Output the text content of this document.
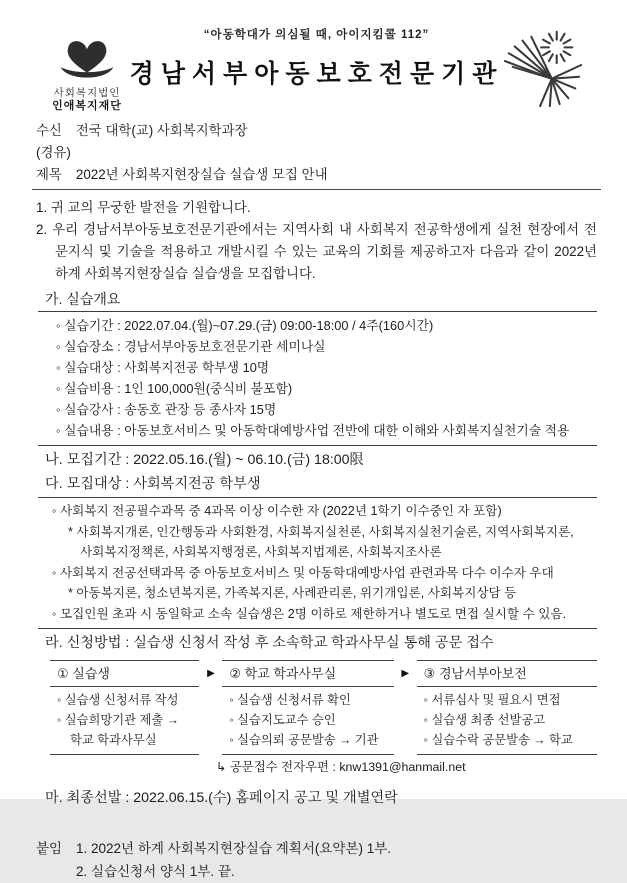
“아동학대가 의심될 때, 아이지킴콜 112”
경남서부아동보호전문기관
사회복지법인
인애복지재단
수신 전국 대학(교) 사회복지학과장
(경유)
제목 2022년 사회복지현장실습 실습생 모집 안내
1. 귀 교의 무궁한 발전을 기원합니다.
2. 우리 경남서부아동보호전문기관에서는 지역사회 내 사회복지 전공학생에게 실천 현장에서 전문지식 및 기술을 적용하고 개발시킬 수 있는 교육의 기회를 제공하고자 다음과 같이 2022년 하계 사회복지현장실습 실습생을 모집합니다.
가. 실습개요
◦ 실습기간 : 2022.07.04.(월)~07.29.(금) 09:00-18:00 / 4주(160시간)
◦ 실습장소 : 경남서부아동보호전문기관 세미나실
◦ 실습대상 : 사회복지전공 학부생 10명
◦ 실습비용 : 1인 100,000원(중식비 불포함)
◦ 실습강사 : 송동호 관장 등 종사자 15명
◦ 실습내용 : 아동보호서비스 및 아동학대예방사업 전반에 대한 이해와 사회복지실천기술 적용
나. 모집기간 : 2022.05.16.(월) ~ 06.10.(금) 18:00限
다. 모집대상 : 사회복지전공 학부생
◦ 사회복지 전공필수과목 중 4과목 이상 이수한 자 (2022년 1학기 이수중인 자 포함)
* 사회복지개론, 인간행동과 사회환경, 사회복지실천론, 사회복지실천기술론, 지역사회복지론,
사회복지정책론, 사회복지행정론, 사회복지법제론, 사회복지조사론
◦ 사회복지 전공선택과목 중 아동보호서비스 및 아동학대예방사업 관련과목 다수 이수자 우대
* 아동복지론, 청소년복지론, 가족복지론, 사례관리론, 위기개입론, 사회복지상담 등
◦ 모집인원 초과 시 동일학교 소속 실습생은 2명 이하로 제한하거나 별도로 면접 실시할 수 있음.
라. 신청방법 : 실습생 신청서 작성 후 소속학교 학과사무실 통해 공문 접수
① 실습생
◦ 실습생 신청서류 작성
◦ 실습희망기관 제출 →
학교 학과사무실
▶	② 학교 학과사무실
◦ 실습생 신청서류 확인
◦ 실습지도교수 승인
◦ 실습의뢰 공문발송 → 기관
▶	③ 경남서부아보전
◦ 서류심사 및 필요시 면접
◦ 실습생 최종 선발공고
◦ 실습수락 공문발송 → 학교
↳ 공문접수 전자우편 : knw1391@hanmail.net
마. 최종선발 : 2022.06.15.(수) 홈페이지 공고 및 개별연락
붙임	1. 2022년 하계 사회복지현장실습 계획서(요약본) 1부.
2. 실습신청서 양식 1부. 끝.
